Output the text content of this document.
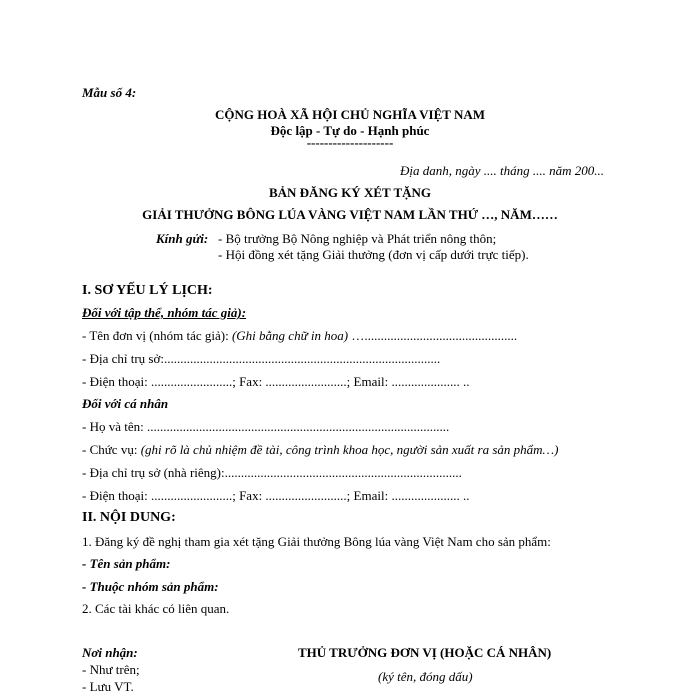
Mẫu số 4:
CỘNG HOÀ XÃ HỘI CHỦ NGHĨA VIỆT NAM
Độc lập - Tự do - Hạnh phúc
--------------------
Địa danh, ngày .... tháng .... năm 200...
BẢN ĐĂNG KÝ XÉT TẶNG
GIẢI THƯỞNG BÔNG LÚA VÀNG VIỆT NAM LẦN THỨ …, NĂM……
Kính gửi: - Bộ trưởng Bộ Nông nghiệp và Phát triển nông thôn;
- Hội đồng xét tặng Giải thưởng (đơn vị cấp dưới trực tiếp).
I. SƠ YẾU LÝ LỊCH:
Đối với tập thể, nhóm tác giả):
- Tên đơn vị (nhóm tác giả): (Ghi bằng chữ in hoa) …...............................................
- Địa chỉ trụ sở:.....................................................................................
- Điện thoại: .........................; Fax: .........................; Email: ..................... ..
Đối với cá nhân
- Họ và tên: .............................................................................................
- Chức vụ: (ghi rõ là chủ nhiệm đề tài, công trình khoa học, người sản xuất ra sản phẩm…)
- Địa chỉ trụ sở (nhà riêng):.........................................................................
- Điện thoại: .........................; Fax: .........................; Email: ..................... ..
II. NỘI DUNG:
1. Đăng ký đề nghị tham gia xét tặng Giải thưởng Bông lúa vàng Việt Nam cho sản phẩm:
- Tên sản phẩm:
- Thuộc nhóm sản phẩm:
2. Các tài khác có liên quan.
Nơi nhận:
- Như trên;
- Lưu VT.
THỦ TRƯỞNG ĐƠN VỊ (HOẶC CÁ NHÂN)
(ký tên, đóng dấu)
